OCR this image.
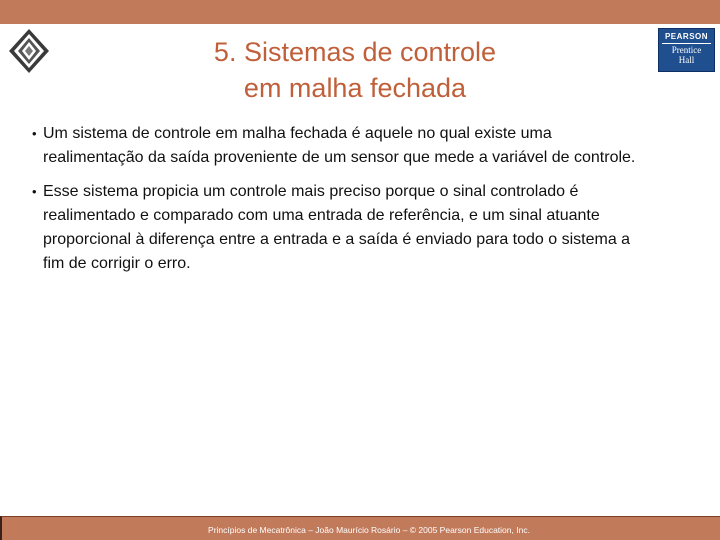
5. Sistemas de controle
em malha fechada
PEARSON
Prentice
Hall
• Um sistema de controle em malha fechada é aquele no qual existe uma realimentação da saída proveniente de um sensor que mede a variável de controle.
• Esse sistema propicia um controle mais preciso porque o sinal controlado é realimentado e comparado com uma entrada de referência, e um sinal atuante proporcional à diferença entre a entrada e a saída é enviado para todo o sistema a fim de corrigir o erro.
Princípios de Mecatrônica – João Maurício Rosário – © 2005 Pearson Education, Inc.
